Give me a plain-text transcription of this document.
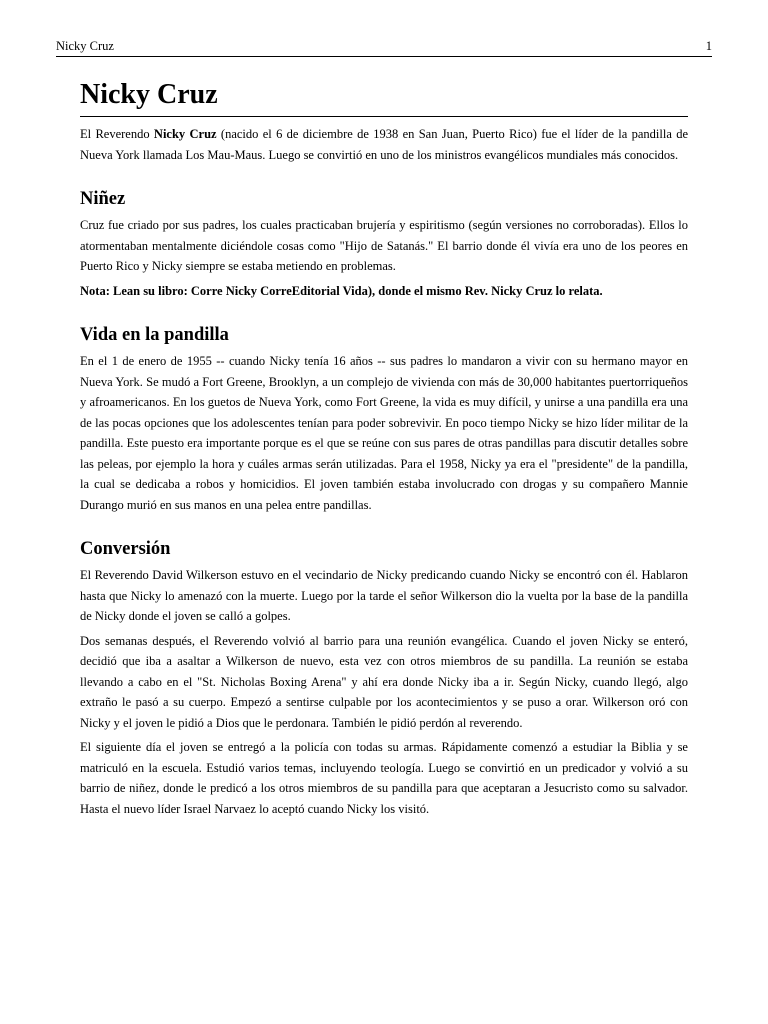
Nicky Cruz	1
Nicky Cruz

El Reverendo Nicky Cruz (nacido el 6 de diciembre de 1938 en San Juan, Puerto Rico) fue el líder de la pandilla de Nueva York llamada Los Mau-Maus. Luego se convirtió en uno de los ministros evangélicos mundiales más conocidos.

Niñez

Cruz fue criado por sus padres, los cuales practicaban brujería y espiritismo (según versiones no corroboradas). Ellos lo atormentaban mentalmente diciéndole cosas como "Hijo de Satanás." El barrio donde él vivía era uno de los peores en Puerto Rico y Nicky siempre se estaba metiendo en problemas.

Nota: Lean su libro: Corre Nicky CorreEditorial Vida), donde el mismo Rev. Nicky Cruz lo relata.

Vida en la pandilla

En el 1 de enero de 1955 -- cuando Nicky tenía 16 años -- sus padres lo mandaron a vivir con su hermano mayor en Nueva York. Se mudó a Fort Greene, Brooklyn, a un complejo de vivienda con más de 30,000 habitantes puertorriqueños y afroamericanos. En los guetos de Nueva York, como Fort Greene, la vida es muy difícil, y unirse a una pandilla era una de las pocas opciones que los adolescentes tenían para poder sobrevivir. En poco tiempo Nicky se hizo líder militar de la pandilla. Este puesto era importante porque es el que se reúne con sus pares de otras pandillas para discutir detalles sobre las peleas, por ejemplo la hora y cuáles armas serán utilizadas. Para el 1958, Nicky ya era el "presidente" de la pandilla, la cual se dedicaba a robos y homicidios. El joven también estaba involucrado con drogas y su compañero Mannie Durango murió en sus manos en una pelea entre pandillas.

Conversión

El Reverendo David Wilkerson estuvo en el vecindario de Nicky predicando cuando Nicky se encontró con él. Hablaron hasta que Nicky lo amenazó con la muerte. Luego por la tarde el señor Wilkerson dio la vuelta por la base de la pandilla de Nicky donde el joven se calló a golpes.

Dos semanas después, el Reverendo volvió al barrio para una reunión evangélica. Cuando el joven Nicky se enteró, decidió que iba a asaltar a Wilkerson de nuevo, esta vez con otros miembros de su pandilla. La reunión se estaba llevando a cabo en el "St. Nicholas Boxing Arena" y ahí era donde Nicky iba a ir. Según Nicky, cuando llegó, algo extraño le pasó a su cuerpo. Empezó a sentirse culpable por los acontecimientos y se puso a orar. Wilkerson oró con Nicky y el joven le pidió a Dios que le perdonara. También le pidió perdón al reverendo.

El siguiente día el joven se entregó a la policía con todas su armas. Rápidamente comenzó a estudiar la Biblia y se matriculó en la escuela. Estudió varios temas, incluyendo teología. Luego se convirtió en un predicador y volvió a su barrio de niñez, donde le predicó a los otros miembros de su pandilla para que aceptaran a Jesucristo como su salvador. Hasta el nuevo líder Israel Narvaez lo aceptó cuando Nicky los visitó.
